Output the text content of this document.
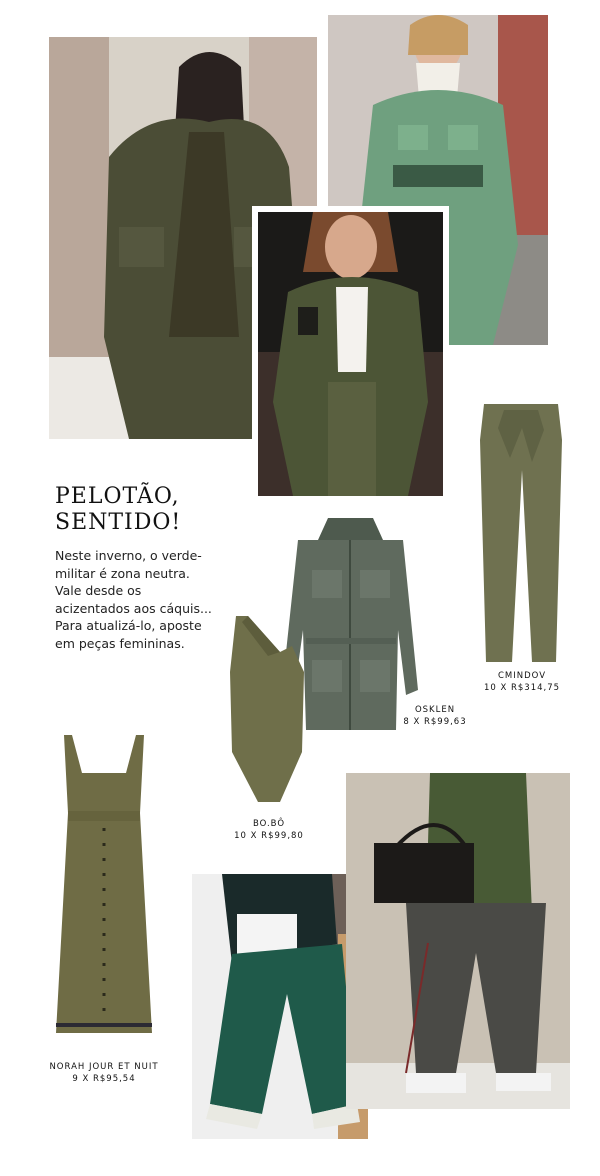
PELOTÃO,
SENTIDO!
Neste inverno, o verde-militar é zona neutra. Vale desde os acizentados aos cáquis... Para atualizá-lo, aposte em peças femininas.
OSKLEN
8 X R$99,63
CMINDOV
10 X R$314,75
BO.BÔ
10 X R$99,80
NORAH JOUR ET NUIT
9 X R$95,54
